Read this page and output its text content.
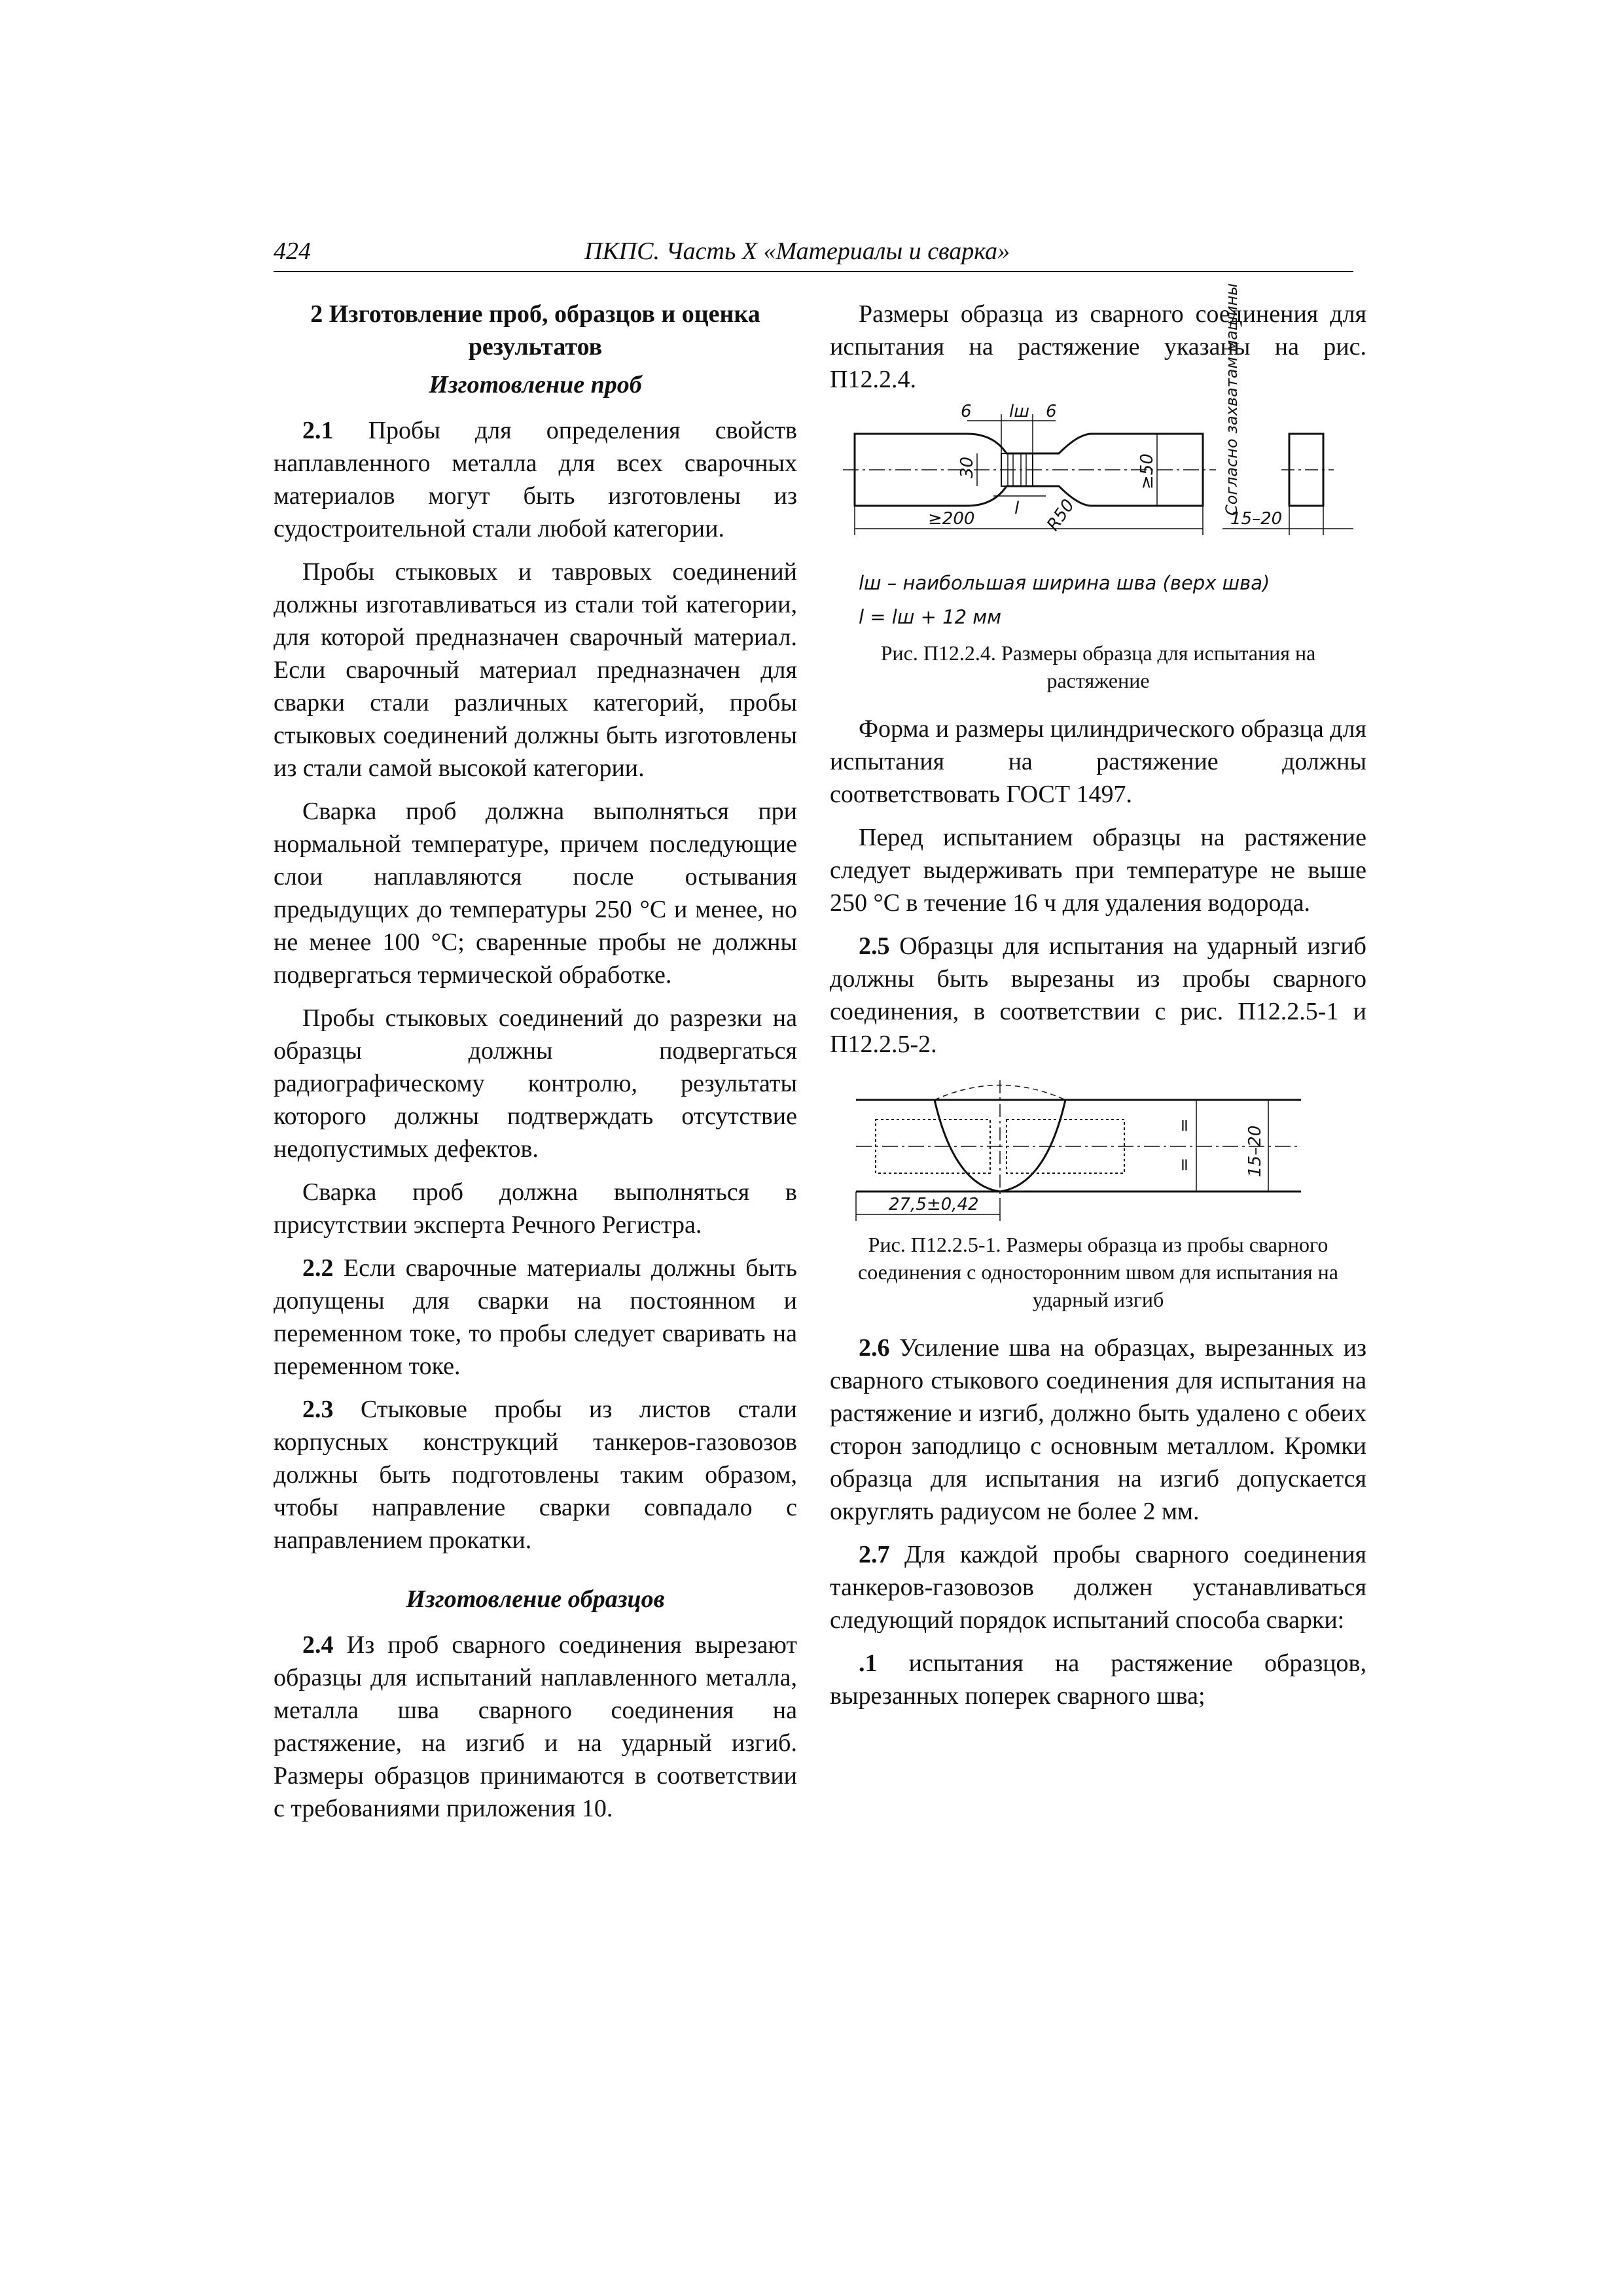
424	ПКПС. Часть X «Материалы и сварка»
2 Изготовление проб, образцов и оценка результатов
Изготовление проб

2.1 Пробы для определения свойств наплавленного металла для всех сварочных материалов могут быть изготовлены из судостроительной стали любой категории.

Пробы стыковых и тавровых соединений должны изготавливаться из стали той категории, для которой предназначен сварочный материал. Если сварочный материал предназначен для сварки стали различных категорий, пробы стыковых соединений должны быть изготовлены из стали самой высокой категории.

Сварка проб должна выполняться при нормальной температуре, причем последующие слои наплавляются после остывания предыдущих до температуры 250 °С и менее, но не менее 100 °С; сваренные пробы не должны подвергаться термической обработке.

Пробы стыковых соединений до разрезки на образцы должны подвергаться радиографическому контролю, результаты которого должны подтверждать отсутствие недопустимых дефектов.

Сварка проб должна выполняться в присутствии эксперта Речного Регистра.

2.2 Если сварочные материалы должны быть допущены для сварки на постоянном и переменном токе, то пробы следует сваривать на переменном токе.

2.3 Стыковые пробы из листов стали корпусных конструкций танкеров-газовозов должны быть подготовлены таким образом, чтобы направление сварки совпадало с направлением прокатки.

Изготовление образцов

2.4 Из проб сварного соединения вырезают образцы для испытаний наплавленного металла, металла шва сварного соединения на растяжение, на изгиб и на ударный изгиб. Размеры образцов принимаются в соответствии с требованиями приложения 10.

Размеры образца из сварного соединения для испытания на растяжение указаны на рис. П12.2.4.

6 lш 6
30	≥50
l R50
≥200
Согласно захватам машины
15–20

lш – наибольшая ширина шва (верх шва)

l = lш + 12 мм

Рис. П12.2.4. Размеры образца для испытания на растяжение

Форма и размеры цилиндрического образца для испытания на растяжение должны соответствовать ГОСТ 1497.

Перед испытанием образцы на растяжение следует выдерживать при температуре не выше 250 °С в течение 16 ч для удаления водорода.

2.5 Образцы для испытания на ударный изгиб должны быть вырезаны из пробы сварного соединения, в соответствии с рис. П12.2.5-1 и П12.2.5-2.

27,5±0,42
15–20
=
=
Рис. П12.2.5-1. Размеры образца из пробы сварного соединения с односторонним швом для испытания на ударный изгиб

2.6 Усиление шва на образцах, вырезанных из сварного стыкового соединения для испытания на растяжение и изгиб, должно быть удалено с обеих сторон заподлицо с основным металлом. Кромки образца для испытания на изгиб допускается округлять радиусом не более 2 мм.

2.7 Для каждой пробы сварного соединения танкеров-газовозов должен устанавливаться следующий порядок испытаний способа сварки:

.1 испытания на растяжение образцов, вырезанных поперек сварного шва;
